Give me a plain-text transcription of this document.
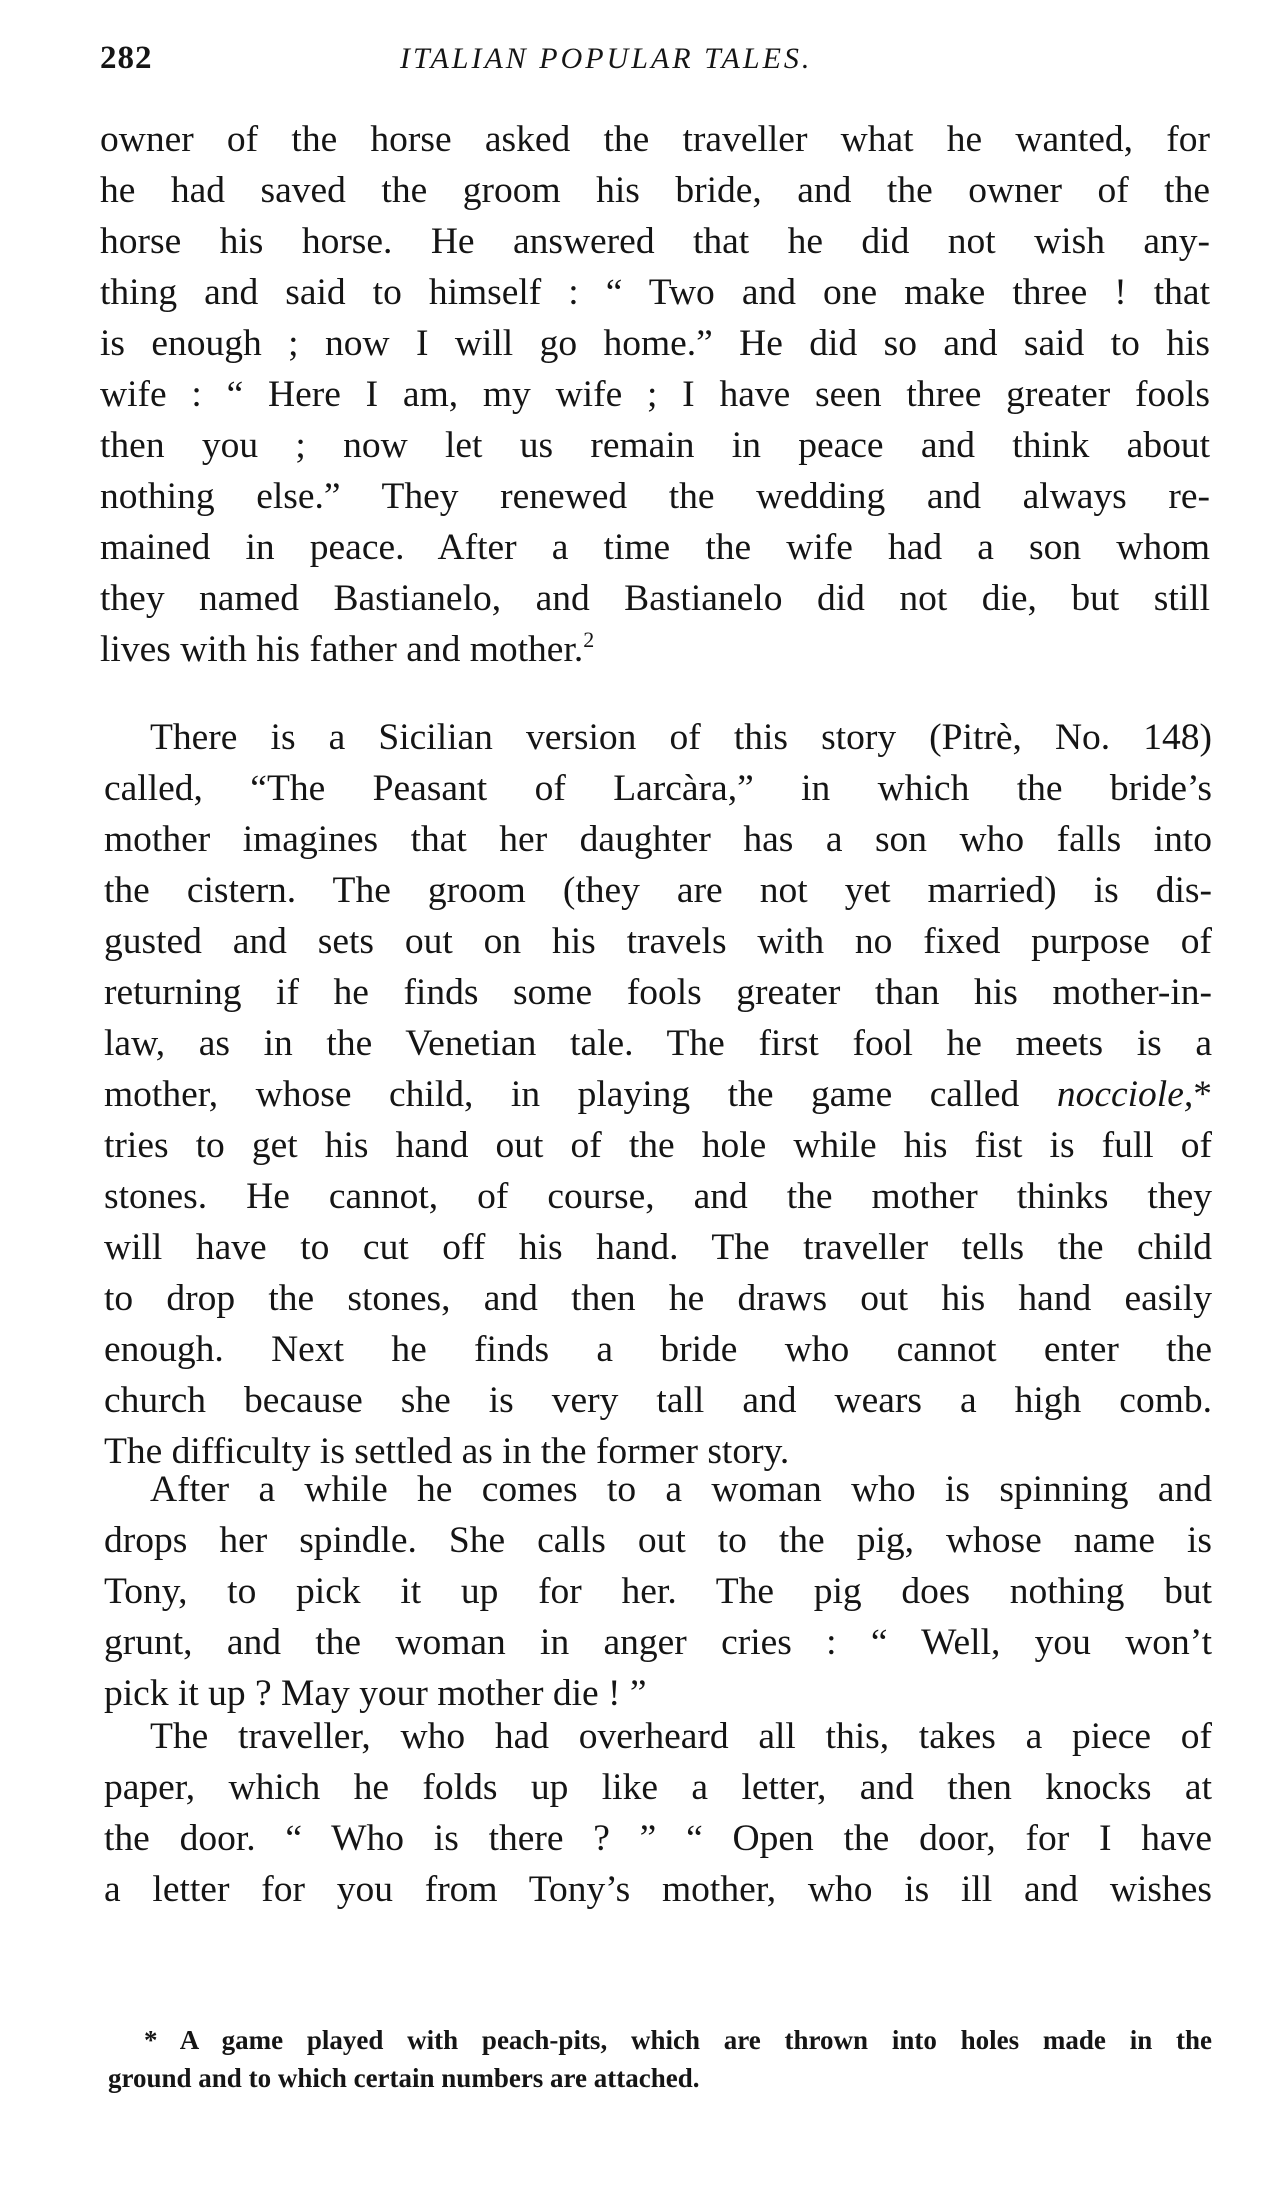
282	ITALIAN POPULAR TALES.
owner of the horse asked the traveller what he wanted, for
he had saved the groom his bride, and the owner of the
horse his horse. He answered that he did not wish any-
thing and said to himself : “ Two and one make three ! that
is enough ; now I will go home.” He did so and said to his
wife : “ Here I am, my wife ; I have seen three greater fools
then you ; now let us remain in peace and think about
nothing else.” They renewed the wedding and always re-
mained in peace. After a time the wife had a son whom
they named Bastianelo, and Bastianelo did not die, but still
lives with his father and mother.$^2$
There is a Sicilian version of this story (Pitrè, No. 148)
called, “The Peasant of Larcàra,” in which the bride’s
mother imagines that her daughter has a son who falls into
the cistern. The groom (they are not yet married) is dis-
gusted and sets out on his travels with no fixed purpose of
returning if he finds some fools greater than his mother-in-
law, as in the Venetian tale. The first fool he meets is a
mother, whose child, in playing the game called nocciole,*
tries to get his hand out of the hole while his fist is full of
stones. He cannot, of course, and the mother thinks they
will have to cut off his hand. The traveller tells the child
to drop the stones, and then he draws out his hand easily
enough. Next he finds a bride who cannot enter the
church because she is very tall and wears a high comb.
The difficulty is settled as in the former story.
After a while he comes to a woman who is spinning and
drops her spindle. She calls out to the pig, whose name is
Tony, to pick it up for her. The pig does nothing but
grunt, and the woman in anger cries : “ Well, you won’t
pick it up ? May your mother die ! ”
The traveller, who had overheard all this, takes a piece of
paper, which he folds up like a letter, and then knocks at
the door. “ Who is there ? ” “ Open the door, for I have
a letter for you from Tony’s mother, who is ill and wishes
* A game played with peach-pits, which are thrown into holes made in the
ground and to which certain numbers are attached.
